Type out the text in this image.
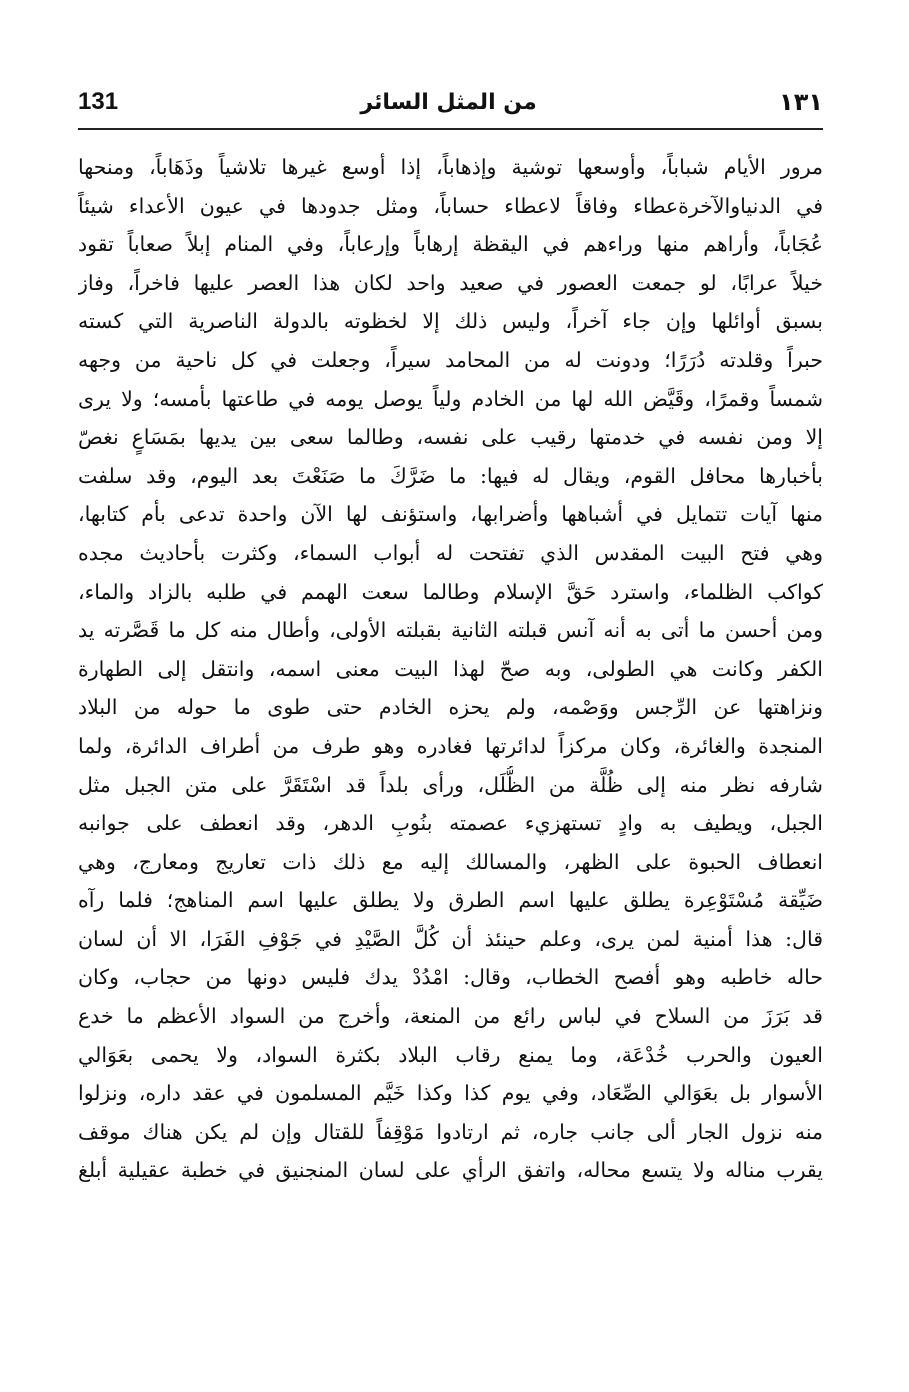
131	من المثل السائر	١٣١
مرور الأيام شباباً، وأوسعها توشية وإذهاباً، إذا أوسع غيرها تلاشياً وذَهَاباً، ومنحها
في الدنياوالآخرةعطاء وفاقاً لاعطاء حساباً، ومثل جدودها في عيون الأعداء شيئاً
عُجَاباً، وأراهم منها وراءهم في اليقظة إرهاباً وإرعاباً، وفي المنام إبلاً صعاباً تقود
خيلاً عرابًا، لو جمعت العصور في صعيد واحد لكان هذا العصر عليها فاخراً، وفاز
بسبق أوائلها وإن جاء آخراً، وليس ذلك إلا لخظوته بالدولة الناصرية التي كسته
حبراً وقلدته دُرَرًا؛ ودونت له من المحامد سيراً، وجعلت في كل ناحية من وجهه
شمساً وقمرًا، وقَيَّض الله لها من الخادم ولياً يوصل يومه في طاعتها بأمسه؛ ولا يرى
إلا ومن نفسه في خدمتها رقيب على نفسه، وطالما سعى بين يديها بمَسَاعٍ نغصّ
بأخبارها محافل القوم، ويقال له فيها: ما ضَرَّكَ ما صَنَعْتَ بعد اليوم، وقد سلفت
منها آيات تتمايل في أشباهها وأضرابها، واستؤنف لها الآن واحدة تدعى بأم كتابها،
وهي فتح البيت المقدس الذي تفتحت له أبواب السماء، وكثرت بأحاديث مجده
كواكب الظلماء، واسترد حَقَّ الإسلام وطالما سعت الهمم في طلبه بالزاد والماء،
ومن أحسن ما أتى به أنه آنس قبلته الثانية بقبلته الأولى، وأطال منه كل ما قَصَّرته يد
الكفر وكانت هي الطولى، وبه صحّ لهذا البيت معنى اسمه، وانتقل إلى الطهارة
ونزاهتها عن الرِّجس ووَصْمه، ولم يحزه الخادم حتى طوى ما حوله من البلاد
المنجدة والغائرة، وكان مركزاً لدائرتها فغادره وهو طرف من أطراف الدائرة، ولما
شارفه نظر منه إلى ظُلَّة من الظُّلَل، ورأى بلداً قد اسْتَقَرَّ على متن الجبل مثل
الجبل، ويطيف به وادٍ تستهزيء عصمته بنُوبِ الدهر، وقد انعطف على جوانبه
انعطاف الحبوة على الظهر، والمسالك إليه مع ذلك ذات تعاريج ومعارج، وهي
ضَيِّقة مُسْتَوْعِرة يطلق عليها اسم الطرق ولا يطلق عليها اسم المناهج؛ فلما رآه
قال: هذا أمنية لمن يرى، وعلم حينئذ أن كُلَّ الصَّيْدِ في جَوْفِ الفَرَا، الا أن لسان
حاله خاطبه وهو أفصح الخطاب، وقال: امْدُدْ يدك فليس دونها من حجاب، وكان
قد بَرَزَ من السلاح في لباس رائع من المنعة، وأخرج من السواد الأعظم ما خدع
العيون والحرب خُدْعَة، وما يمنع رقاب البلاد بكثرة السواد، ولا يحمى بعَوَالي
الأسوار بل بعَوَالي الصِّعَاد، وفي يوم كذا وكذا خَيَّم المسلمون في عقد داره، ونزلوا
منه نزول الجار ألى جانب جاره، ثم ارتادوا مَوْقِفاً للقتال وإن لم يكن هناك موقف
يقرب مناله ولا يتسع محاله، واتفق الرأي على لسان المنجنيق في خطبة عقيلية أبلغ
